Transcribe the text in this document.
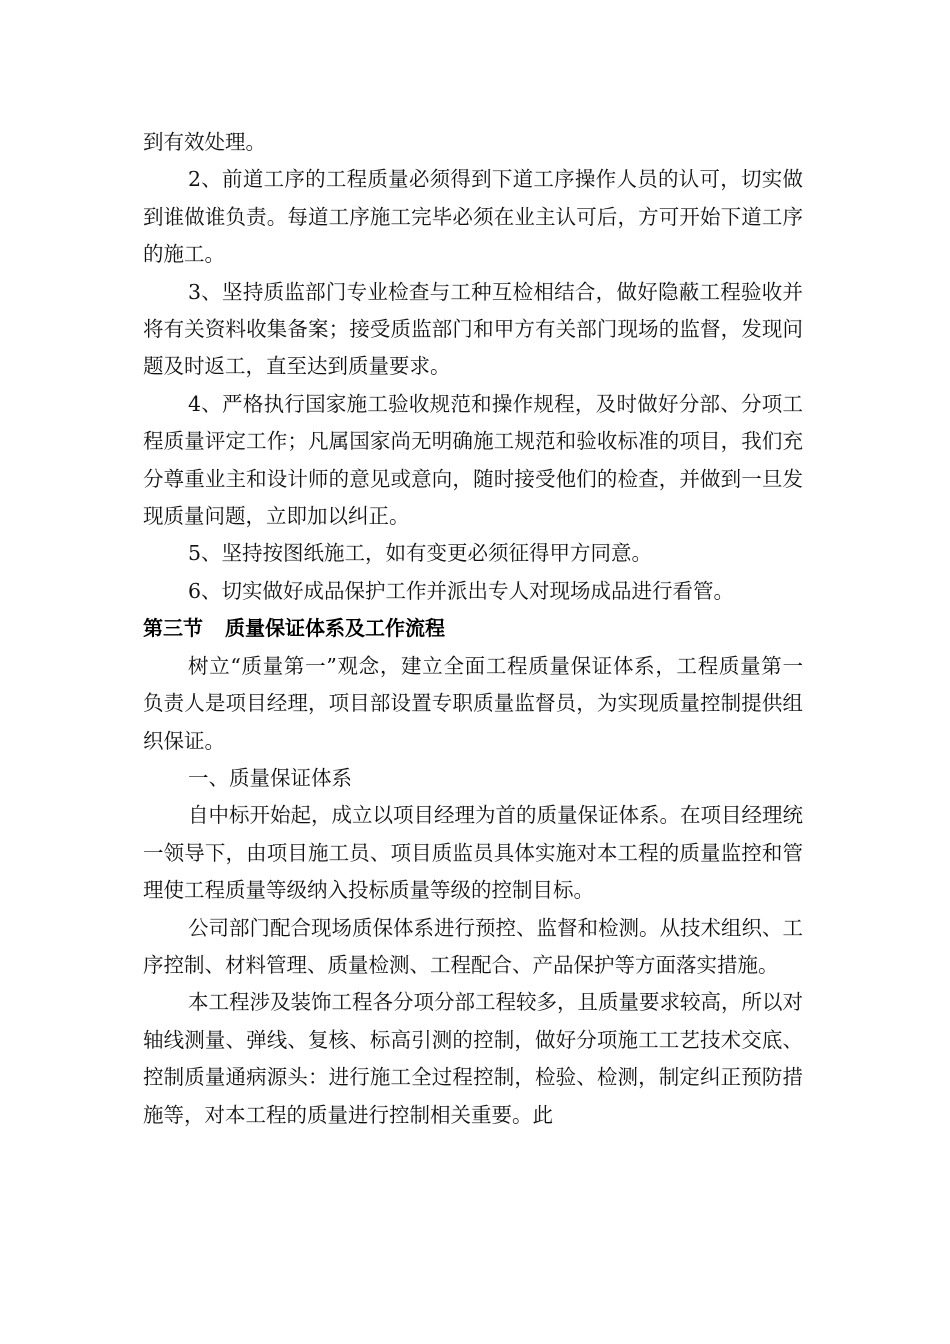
到有效处理。

2、前道工序的工程质量必须得到下道工序操作人员的认可，切实做到谁做谁负责。每道工序施工完毕必须在业主认可后，方可开始下道工序的施工。

3、坚持质监部门专业检查与工种互检相结合，做好隐蔽工程验收并将有关资料收集备案；接受质监部门和甲方有关部门现场的监督，发现问题及时返工，直至达到质量要求。

4、严格执行国家施工验收规范和操作规程，及时做好分部、分项工程质量评定工作；凡属国家尚无明确施工规范和验收标准的项目，我们充分尊重业主和设计师的意见或意向，随时接受他们的检查，并做到一旦发现质量问题，立即加以纠正。

5、坚持按图纸施工，如有变更必须征得甲方同意。

6、切实做好成品保护工作并派出专人对现场成品进行看管。

第三节 质量保证体系及工作流程

树立“质量第一”观念，建立全面工程质量保证体系，工程质量第一负责人是项目经理，项目部设置专职质量监督员，为实现质量控制提供组织保证。

一、质量保证体系

自中标开始起，成立以项目经理为首的质量保证体系。在项目经理统一领导下，由项目施工员、项目质监员具体实施对本工程的质量监控和管理使工程质量等级纳入投标质量等级的控制目标。

公司部门配合现场质保体系进行预控、监督和检测。从技术组织、工序控制、材料管理、质量检测、工程配合、产品保护等方面落实措施。

本工程涉及装饰工程各分项分部工程较多，且质量要求较高，所以对轴线测量、弹线、复核、标高引测的控制，做好分项施工工艺技术交底、控制质量通病源头：进行施工全过程控制，检验、检测，制定纠正预防措施等，对本工程的质量进行控制相关重要。此
